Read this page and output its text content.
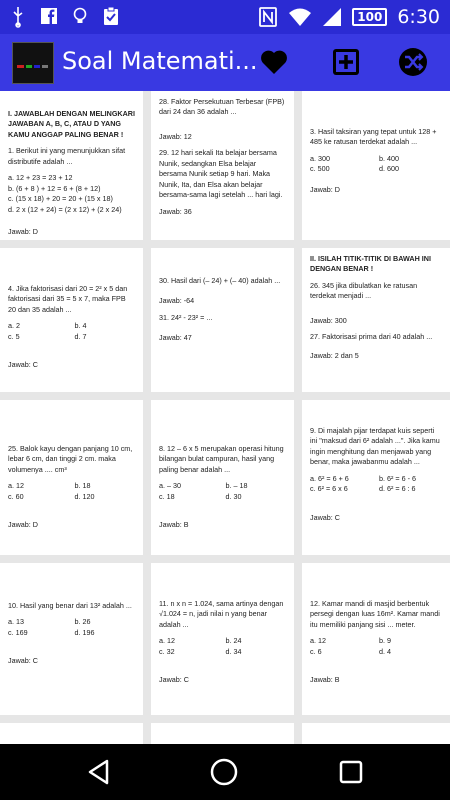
100 6:30
Soal Matemati...

I. JAWABLAH DENGAN MELINGKARI JAWABAN A, B, C, ATAU D YANG KAMU ANGGAP PALING BENAR !

1. Berikut ini yang menunjukkan sifat distributife adalah ...

a. 12 + 23 = 23 + 12
b. (6 + 8 ) + 12 = 6 + (8 + 12)
c. (15 x 18) + 20 = 20 + (15 x 18)
d. 2 x (12 + 24) = (2 x 12) + (2 x 24)
Jawab: D

28. Faktor Persekutuan Terbesar (FPB) dari 24 dan 36 adalah ...

Jawab: 12

29. 12 hari sekali Ita belajar bersama Nunik, sedangkan Elsa belajar bersama Nunik setiap 9 hari. Maka Nunik, Ita, dan Elsa akan belajar bersama-sama lagi setelah ... hari lagi.

Jawab: 36

3. Hasil taksiran yang tepat untuk 128 + 485 ke ratusan terdekat adalah ...

a. 300	b. 400
c. 500	d. 600
Jawab: D

4. Jika faktorisasi dari 20 = 2² x 5 dan faktorisasi dari 35 = 5 x 7, maka FPB 20 dan 35 adalah ...

a. 2	b. 4
c. 5	d. 7
Jawab: C

30. Hasil dari (– 24) + (– 40) adalah ...

Jawab: -64

31. 24² - 23² = ...

Jawab: 47

II. ISILAH TITIK-TITIK DI BAWAH INI DENGAN BENAR !

26. 345 jika dibulatkan ke ratusan terdekat menjadi ...

Jawab: 300

27. Faktorisasi prima dari 40 adalah ...

Jawab: 2 dan 5

25. Balok kayu dengan panjang 10 cm, lebar 6 cm, dan tinggi 2 cm. maka volumenya .... cm³

a. 12	b. 18
c. 60	d. 120
Jawab: D

8. 12 – 6 x 5 merupakan operasi hitung bilangan bulat campuran, hasil yang paling benar adalah ...

a. – 30	b. – 18
c. 18	d. 30
Jawab: B

9. Di majalah pijar terdapat kuis seperti ini "maksud dari 6² adalah ...". Jika kamu ingin menghitung dan menjawab yang benar, maka jawabanmu adalah ...

a. 6² = 6 + 6	b. 6² = 6 - 6
c. 6² = 6 x 6	d. 6² = 6 : 6
Jawab: C

10. Hasil yang benar dari 13² adalah ...

a. 13	b. 26
c. 169	d. 196
Jawab: C

11. n x n = 1.024, sama artinya dengan √1.024 = n, jadi nilai n yang benar adalah ...

a. 12	b. 24
c. 32	d. 34
Jawab: C

12. Kamar mandi di masjid berbentuk persegi dengan luas 16m². Kamar mandi itu memiliki panjang sisi ... meter.

a. 12	b. 9
c. 6	d. 4
Jawab: B
